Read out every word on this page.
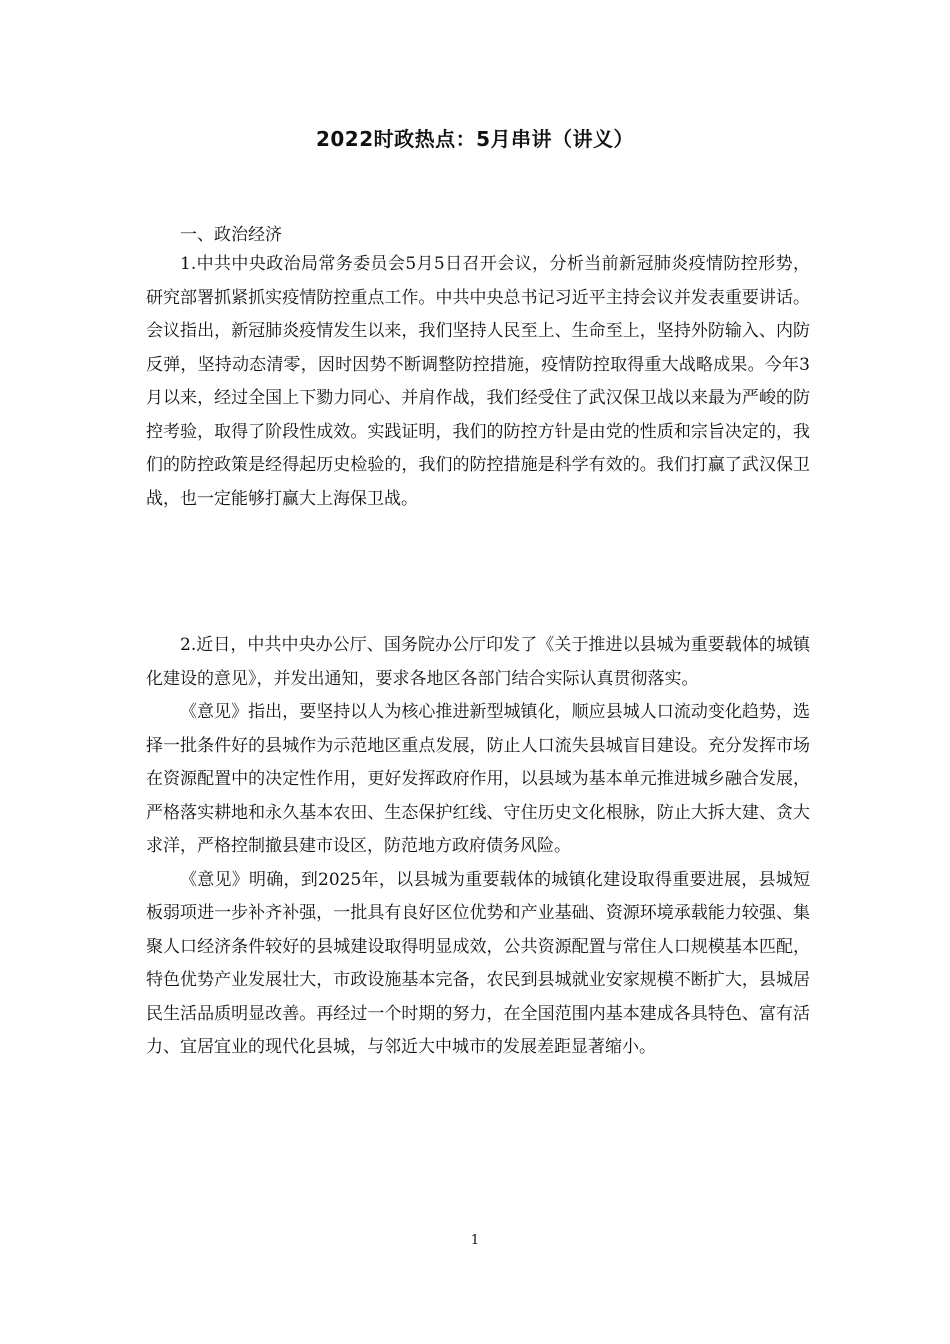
2022时政热点：5月串讲（讲义）
一、政治经济

1.中共中央政治局常务委员会5月5日召开会议，分析当前新冠肺炎疫情防控形势，研究部署抓紧抓实疫情防控重点工作。中共中央总书记习近平主持会议并发表重要讲话。会议指出，新冠肺炎疫情发生以来，我们坚持人民至上、生命至上，坚持外防输入、内防反弹，坚持动态清零，因时因势不断调整防控措施，疫情防控取得重大战略成果。今年3月以来，经过全国上下勠力同心、并肩作战，我们经受住了武汉保卫战以来最为严峻的防控考验，取得了阶段性成效。实践证明，我们的防控方针是由党的性质和宗旨决定的，我们的防控政策是经得起历史检验的，我们的防控措施是科学有效的。我们打赢了武汉保卫战，也一定能够打赢大上海保卫战。

2.近日，中共中央办公厅、国务院办公厅印发了《关于推进以县城为重要载体的城镇化建设的意见》，并发出通知，要求各地区各部门结合实际认真贯彻落实。

《意见》指出，要坚持以人为核心推进新型城镇化，顺应县城人口流动变化趋势，选择一批条件好的县城作为示范地区重点发展，防止人口流失县城盲目建设。充分发挥市场在资源配置中的决定性作用，更好发挥政府作用，以县域为基本单元推进城乡融合发展，严格落实耕地和永久基本农田、生态保护红线、守住历史文化根脉，防止大拆大建、贪大求洋，严格控制撤县建市设区，防范地方政府债务风险。

《意见》明确，到2025年，以县城为重要载体的城镇化建设取得重要进展，县城短板弱项进一步补齐补强，一批具有良好区位优势和产业基础、资源环境承载能力较强、集聚人口经济条件较好的县城建设取得明显成效，公共资源配置与常住人口规模基本匹配，特色优势产业发展壮大，市政设施基本完备，农民到县城就业安家规模不断扩大，县城居民生活品质明显改善。再经过一个时期的努力，在全国范围内基本建成各具特色、富有活力、宜居宜业的现代化县城，与邻近大中城市的发展差距显著缩小。

1
